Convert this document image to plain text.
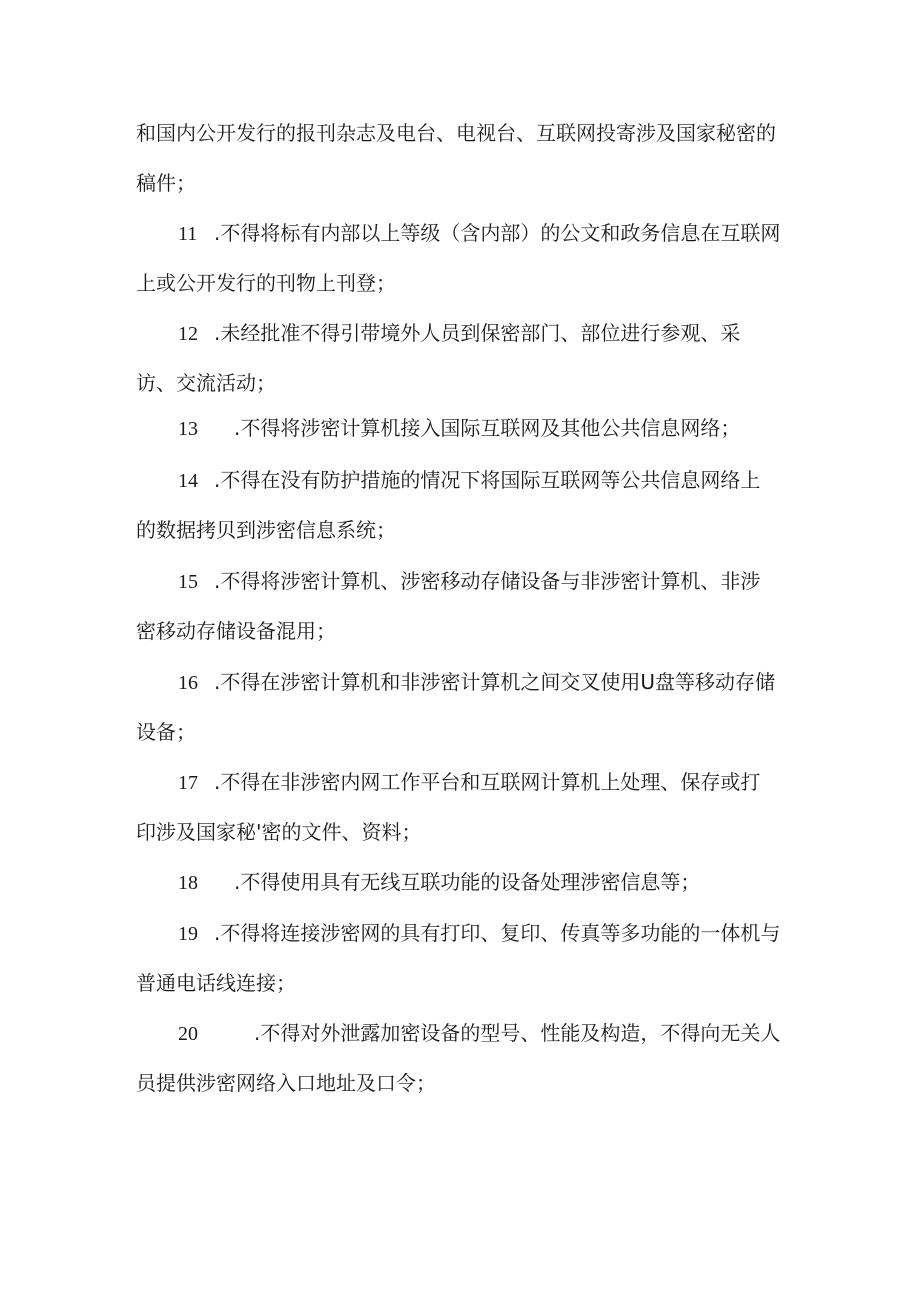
和国内公开发行的报刊杂志及电台、电视台、互联网投寄涉及国家秘密的
稿件；
11 .不得将标有内部以上等级（含内部）的公文和政务信息在互联网
上或公开发行的刊物上刊登；
12 .未经批准不得引带境外人员到保密部门、部位进行参观、采
访、交流活动；
13 .不得将涉密计算机接入国际互联网及其他公共信息网络；
14 .不得在没有防护措施的情况下将国际互联网等公共信息网络上
的数据拷贝到涉密信息系统；
15 .不得将涉密计算机、涉密移动存储设备与非涉密计算机、非涉
密移动存储设备混用；
16 .不得在涉密计算机和非涉密计算机之间交叉使用U盘等移动存储
设备；
17 .不得在非涉密内网工作平台和互联网计算机上处理、保存或打
印涉及国家秘'密的文件、资料；
18 .不得使用具有无线互联功能的设备处理涉密信息等；
19 .不得将连接涉密网的具有打印、复印、传真等多功能的一体机与
普通电话线连接；
20	.不得对外泄露加密设备的型号、性能及构造，不得向无关人
员提供涉密网络入口地址及口令；
